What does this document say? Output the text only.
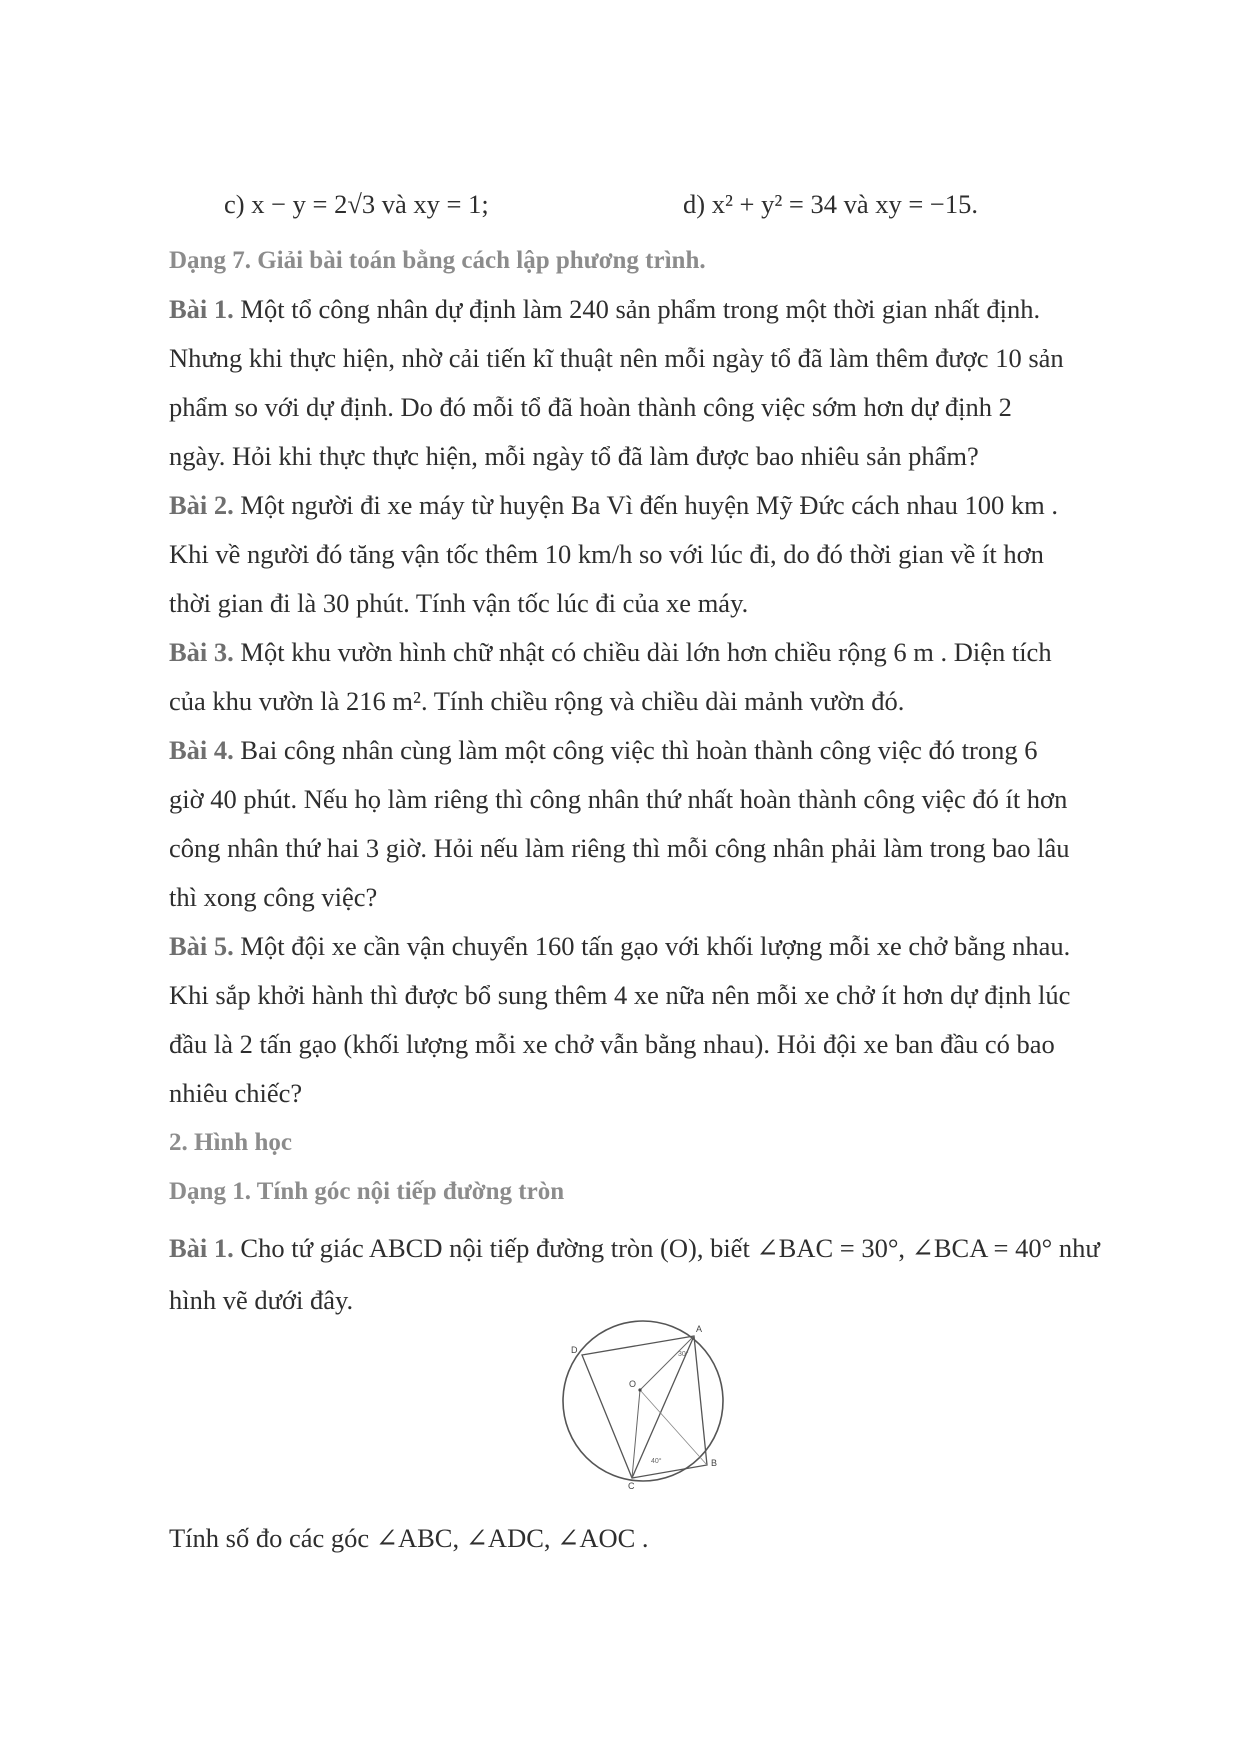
c) x − y = 2√3 và xy = 1;	d) x² + y² = 34 và xy = −15.
Dạng 7. Giải bài toán bằng cách lập phương trình.
Bài 1. Một tổ công nhân dự định làm 240 sản phẩm trong một thời gian nhất định.
Nhưng khi thực hiện, nhờ cải tiến kĩ thuật nên mỗi ngày tổ đã làm thêm được 10 sản
phẩm so với dự định. Do đó mỗi tổ đã hoàn thành công việc sớm hơn dự định 2
ngày. Hỏi khi thực thực hiện, mỗi ngày tổ đã làm được bao nhiêu sản phẩm?
Bài 2. Một người đi xe máy từ huyện Ba Vì đến huyện Mỹ Đức cách nhau 100 km .
Khi về người đó tăng vận tốc thêm 10 km/h so với lúc đi, do đó thời gian về ít hơn
thời gian đi là 30 phút. Tính vận tốc lúc đi của xe máy.
Bài 3. Một khu vườn hình chữ nhật có chiều dài lớn hơn chiều rộng 6 m . Diện tích
của khu vườn là 216 m². Tính chiều rộng và chiều dài mảnh vườn đó.
Bài 4. Bai công nhân cùng làm một công việc thì hoàn thành công việc đó trong 6
giờ 40 phút. Nếu họ làm riêng thì công nhân thứ nhất hoàn thành công việc đó ít hơn
công nhân thứ hai 3 giờ. Hỏi nếu làm riêng thì mỗi công nhân phải làm trong bao lâu
thì xong công việc?
Bài 5. Một đội xe cần vận chuyển 160 tấn gạo với khối lượng mỗi xe chở bằng nhau.
Khi sắp khởi hành thì được bổ sung thêm 4 xe nữa nên mỗi xe chở ít hơn dự định lúc
đầu là 2 tấn gạo (khối lượng mỗi xe chở vẫn bằng nhau). Hỏi đội xe ban đầu có bao
nhiêu chiếc?
2. Hình học
Dạng 1. Tính góc nội tiếp đường tròn
Bài 1. Cho tứ giác ABCD nội tiếp đường tròn (O), biết ∠BAC = 30°, ∠BCA = 40° như
hình vẽ dưới đây.
A
B
C
D
O
30°
40°
Tính số đo các góc ∠ABC, ∠ADC, ∠AOC .
